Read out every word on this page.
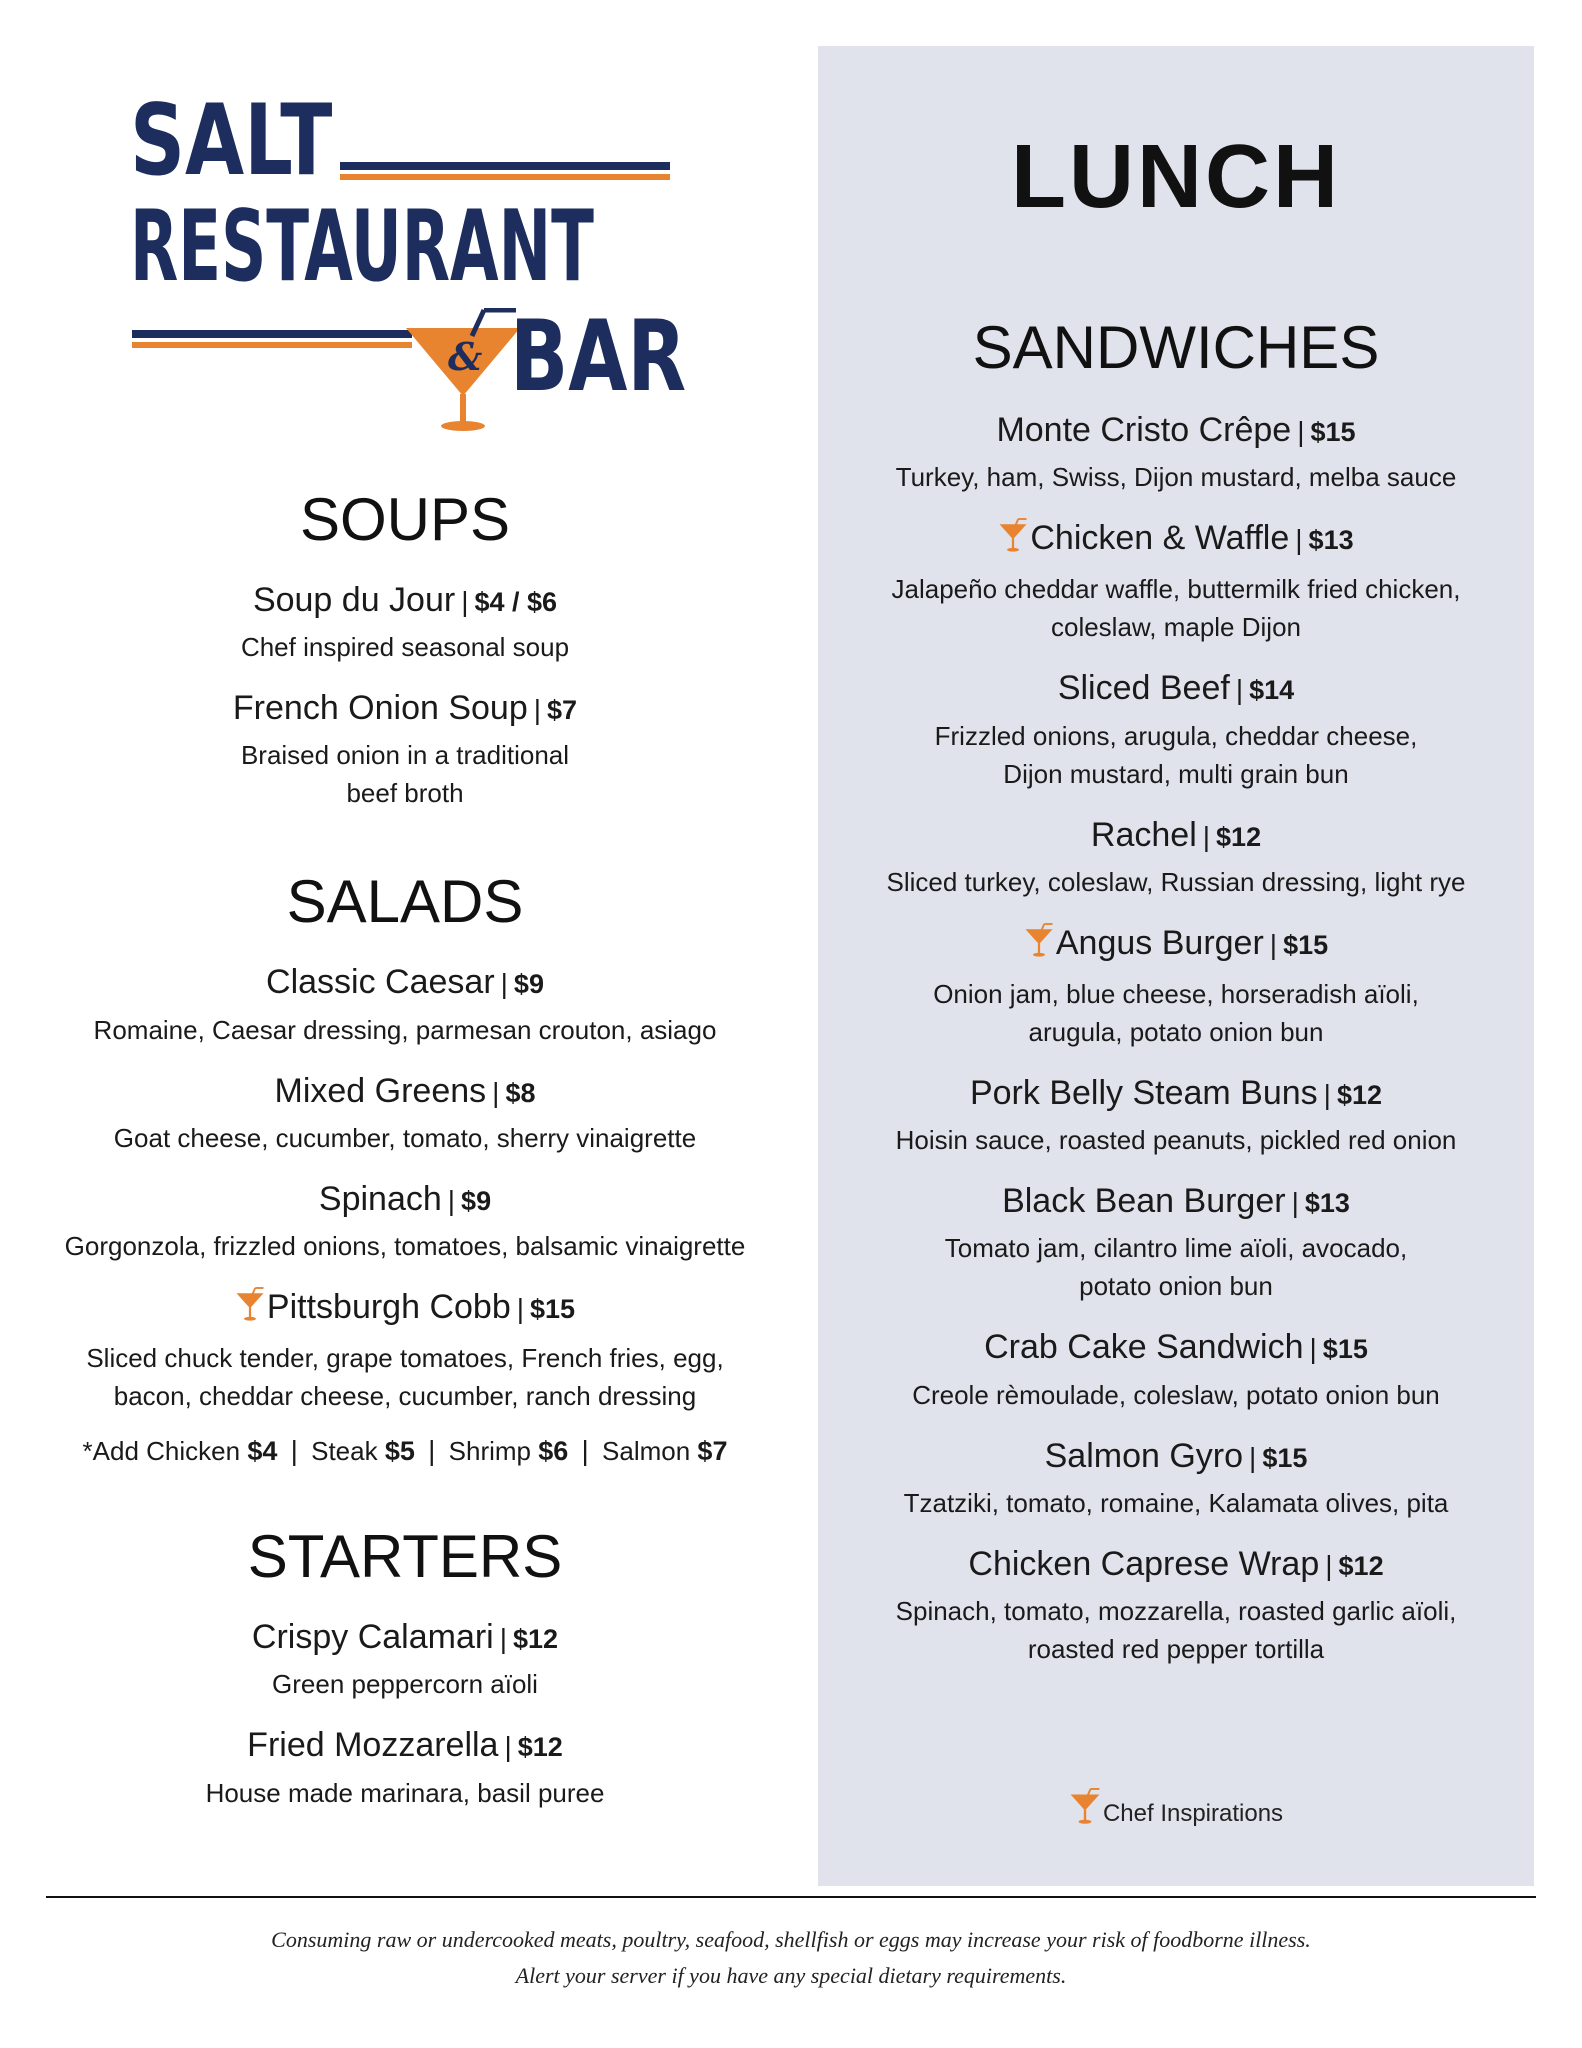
SALT
RESTAURANT
& BAR
SOUPS
Soup du Jour | $4 / $6
Chef inspired seasonal soup
French Onion Soup | $7
Braised onion in a traditional
beef broth
SALADS
Classic Caesar | $9
Romaine, Caesar dressing, parmesan crouton, asiago
Mixed Greens | $8
Goat cheese, cucumber, tomato, sherry vinaigrette
Spinach | $9
Gorgonzola, frizzled onions, tomatoes, balsamic vinaigrette
Pittsburgh Cobb | $15
Sliced chuck tender, grape tomatoes, French fries, egg,
bacon, cheddar cheese, cucumber, ranch dressing
*Add Chicken $4 | Steak $5 | Shrimp $6 | Salmon $7
STARTERS
Crispy Calamari | $12
Green peppercorn aïoli
Fried Mozzarella | $12
House made marinara, basil puree
LUNCH
SANDWICHES
Monte Cristo Crêpe | $15
Turkey, ham, Swiss, Dijon mustard, melba sauce
Chicken & Waffle | $13
Jalapeño cheddar waffle, buttermilk fried chicken,
coleslaw, maple Dijon
Sliced Beef | $14
Frizzled onions, arugula, cheddar cheese,
Dijon mustard, multi grain bun
Rachel | $12
Sliced turkey, coleslaw, Russian dressing, light rye
Angus Burger | $15
Onion jam, blue cheese, horseradish aïoli,
arugula, potato onion bun
Pork Belly Steam Buns | $12
Hoisin sauce, roasted peanuts, pickled red onion
Black Bean Burger | $13
Tomato jam, cilantro lime aïoli, avocado,
potato onion bun
Crab Cake Sandwich | $15
Creole rèmoulade, coleslaw, potato onion bun
Salmon Gyro | $15
Tzatziki, tomato, romaine, Kalamata olives, pita
Chicken Caprese Wrap | $12
Spinach, tomato, mozzarella, roasted garlic aïoli,
roasted red pepper tortilla
Chef Inspirations
Consuming raw or undercooked meats, poultry, seafood, shellfish or eggs may increase your risk of foodborne illness.
Alert your server if you have any special dietary requirements.
